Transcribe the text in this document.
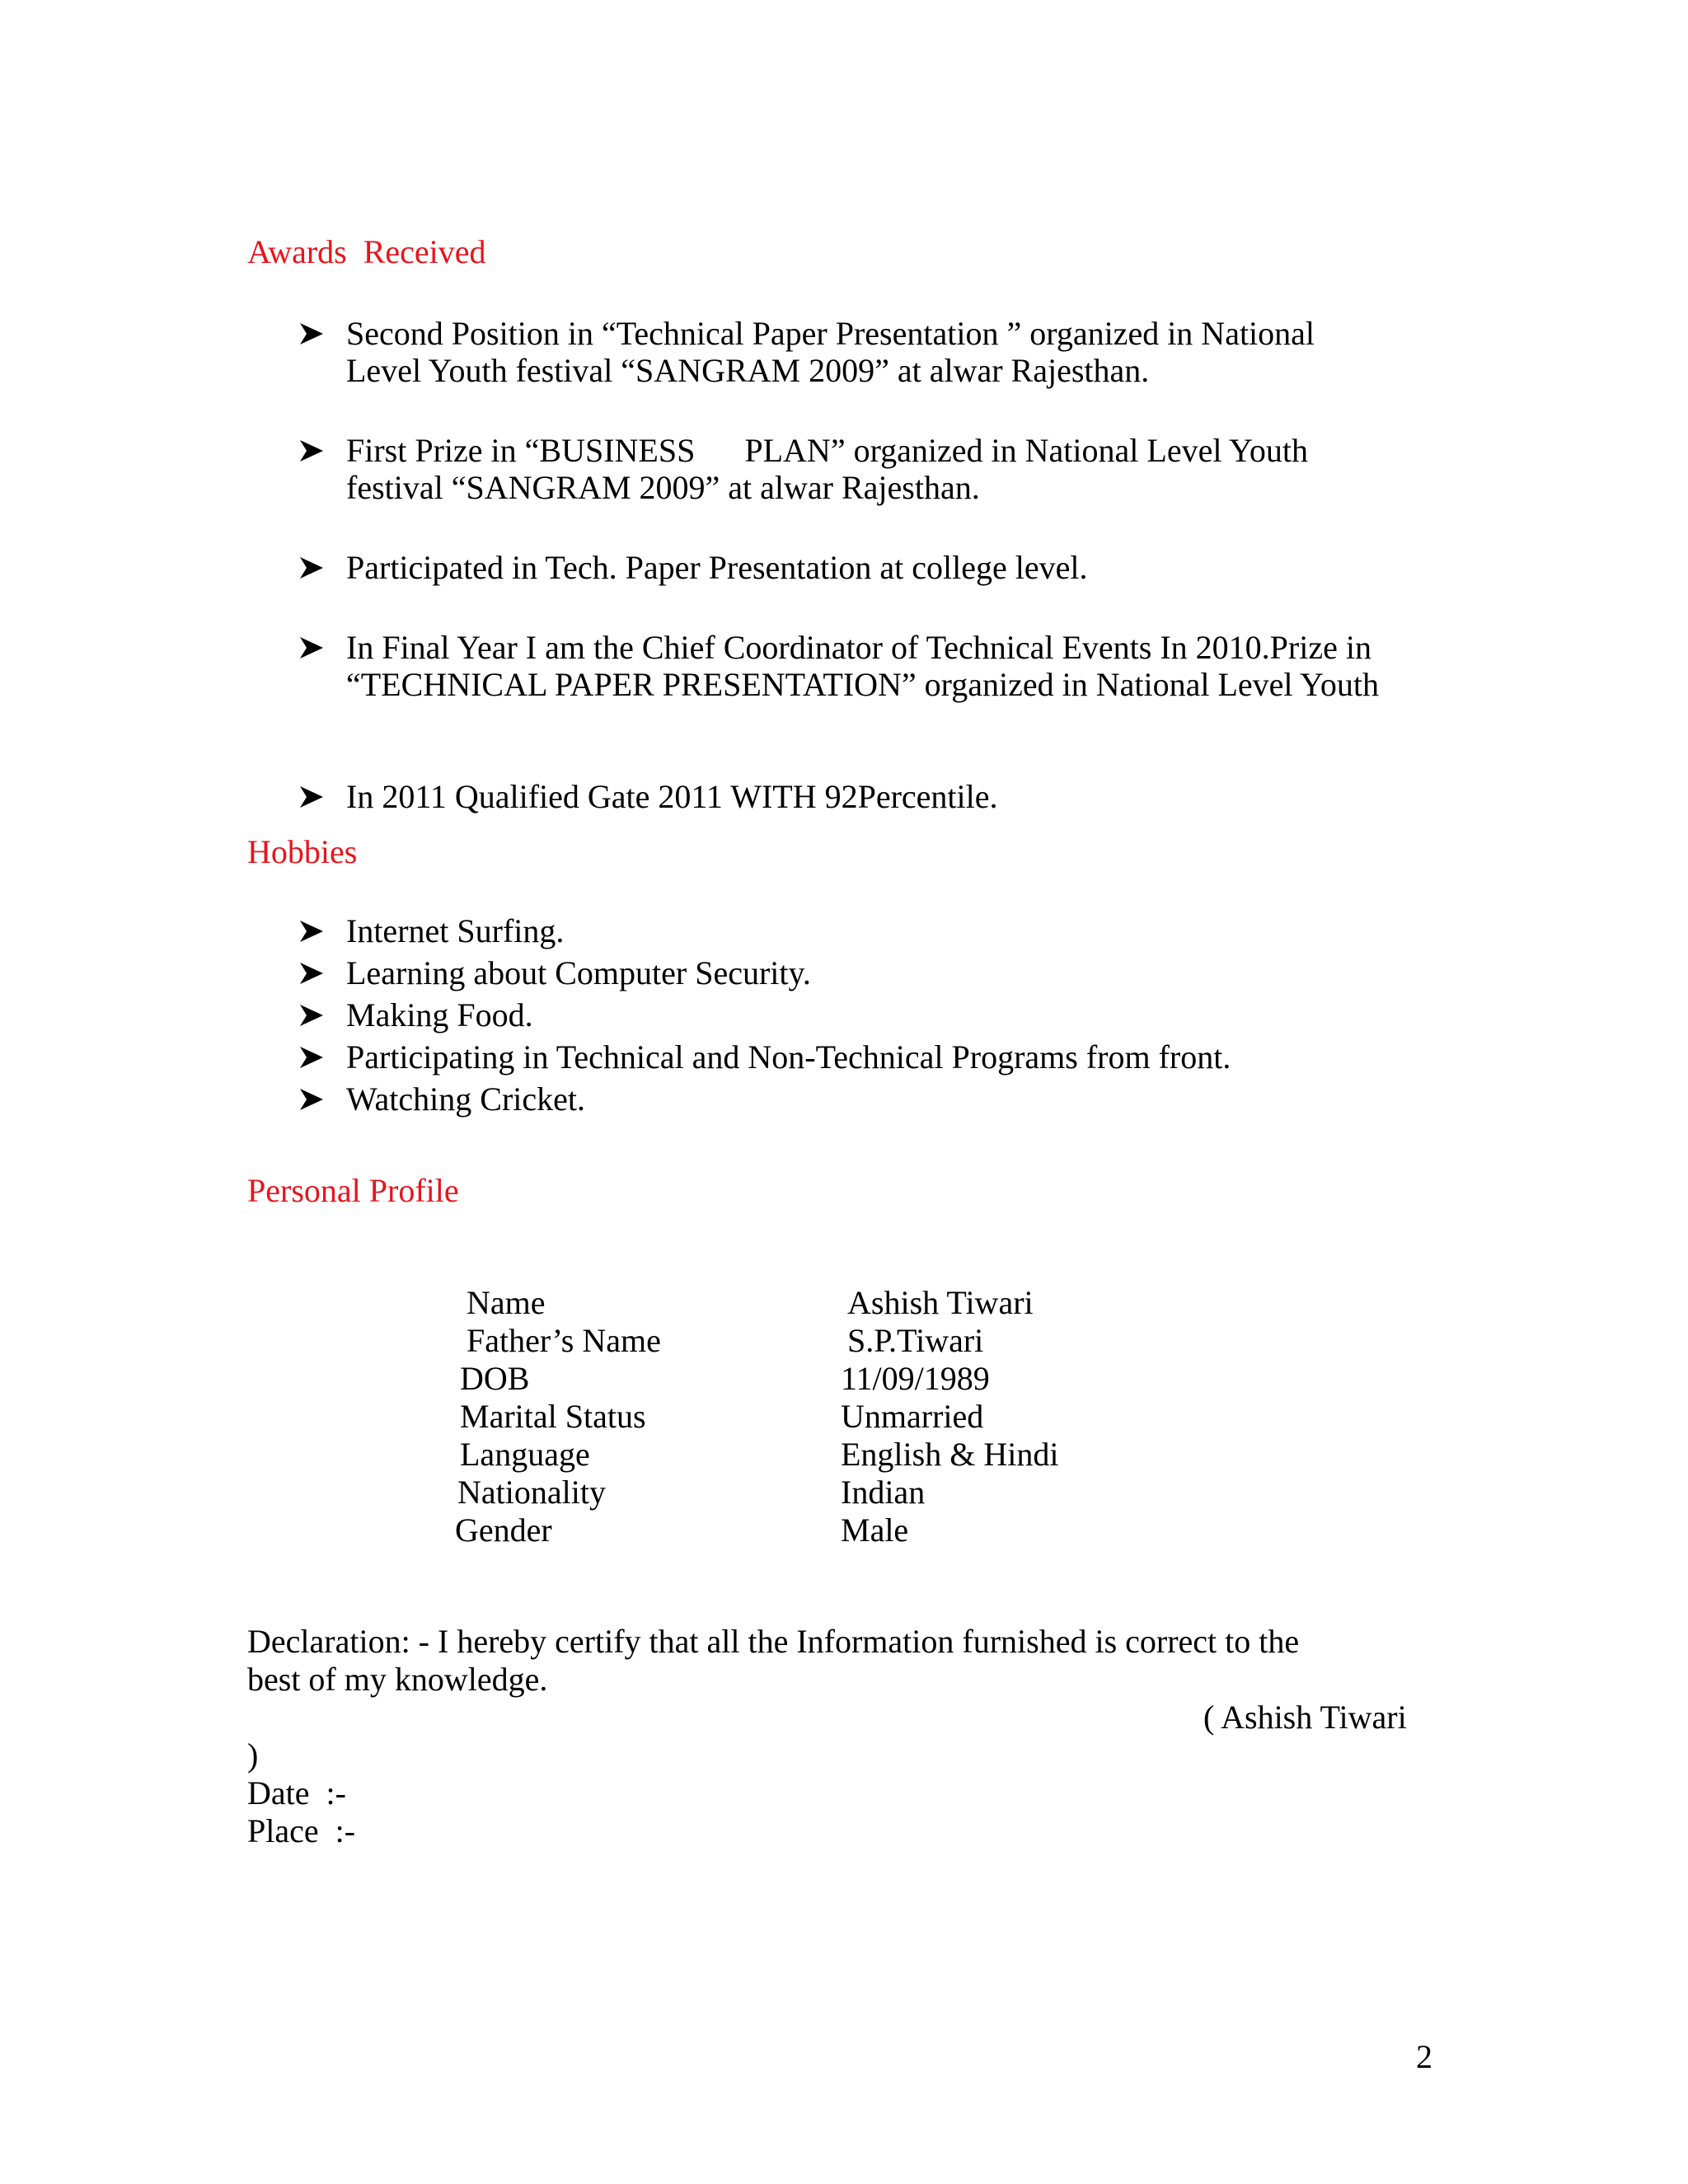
Awards  Received

Second Position in “Technical Paper Presentation ” organized in National

Level Youth festival “SANGRAM 2009” at alwar Rajesthan.

First Prize in “BUSINESS      PLAN” organized in National Level Youth

festival “SANGRAM 2009” at alwar Rajesthan.

Participated in Tech. Paper Presentation at college level.

In Final Year I am the Chief Coordinator of Technical Events In 2010.Prize in

“TECHNICAL PAPER PRESENTATION” organized in National Level Youth

In 2011 Qualified Gate 2011 WITH 92Percentile.

Hobbies

Internet Surfing.

Learning about Computer Security.

Making Food.

Participating in Technical and Non-Technical Programs from front.

Watching Cricket.

Personal Profile
Name	Ashish Tiwari
Father’s Name	S.P.Tiwari
DOB	11/09/1989
Marital Status	Unmarried
Language	English & Hindi
Nationality	Indian
Gender	Male
Declaration: - I hereby certify that all the Information furnished is correct to the
best of my knowledge.
( Ashish Tiwari
)
Date  :-
Place  :-
2
